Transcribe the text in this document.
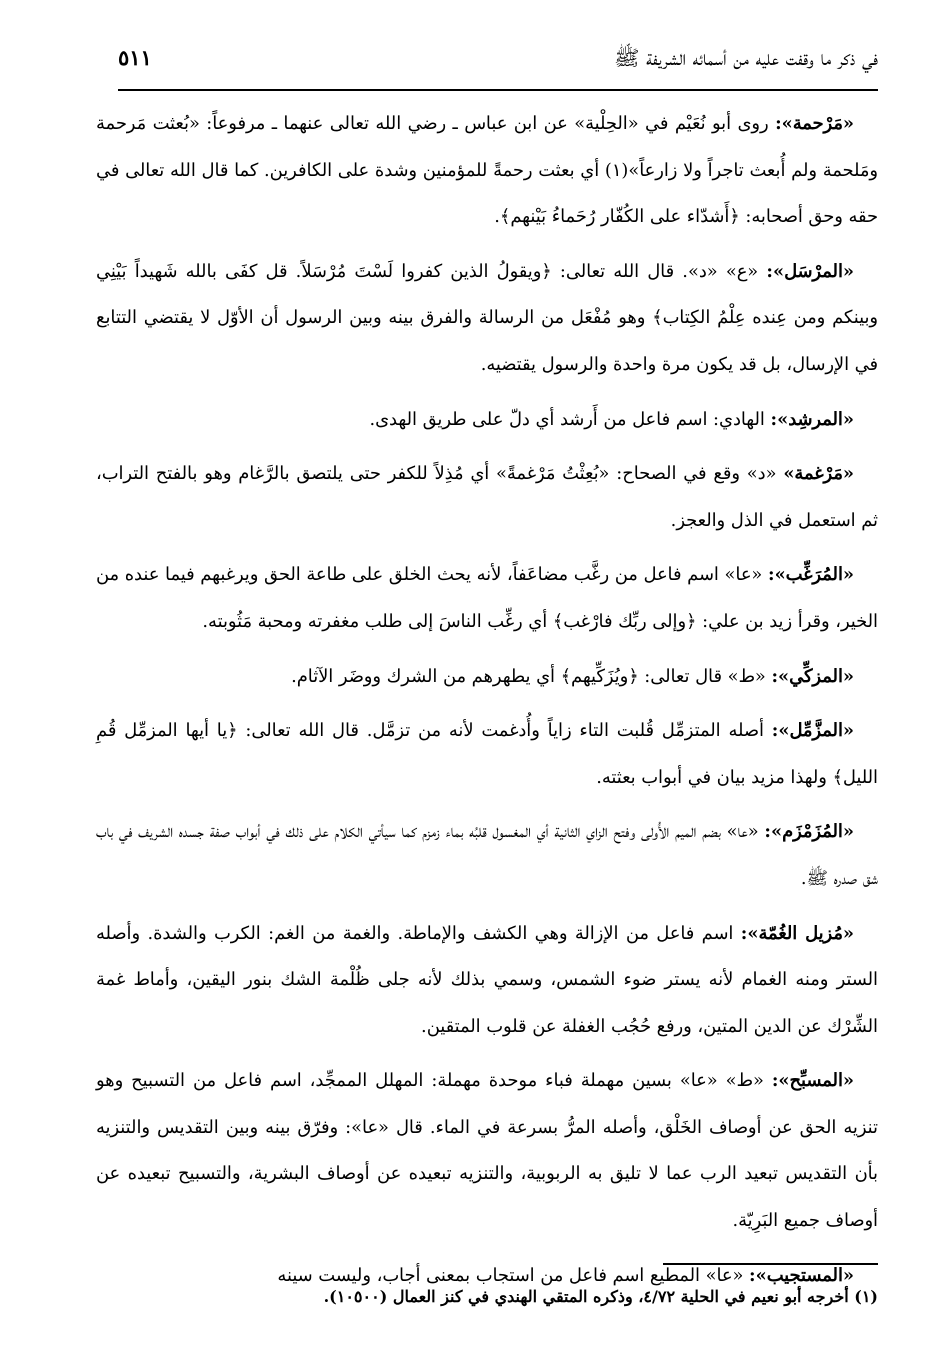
في ذكر ما وقفت عليه من أسمائه الشريفة ﷺ
٥١١

«مَرْحمة»: روى أبو نُعَيْم في «الحِلْية» عن ابن عباس ـ رضي الله تعالى عنهما ـ مرفوعاً: «بُعثت مَرحمة ومَلحمة ولم أُبعث تاجراً ولا زارعاً»(١) أي بعثت رحمةً للمؤمنين وشدة على الكافرين. كما قال الله تعالى في حقه وحق أصحابه: ﴿أَشدّاء على الكُفّار رُحَماءُ بَيْنهم﴾.

«المرْسَل»: «ع» «د». قال الله تعالى: ﴿ويقولُ الذين كفروا لَسْتَ مُرْسَلاً. قل كفَى بالله شَهيداً بَيْنِي وبينكم ومن عِنده عِلْمُ الكِتاب﴾ وهو مُفْعَل من الرسالة والفرق بينه وبين الرسول أن الأوّل لا يقتضي التتابع في الإرسال، بل قد يكون مرة واحدة والرسول يقتضيه.

«المرشِد»: الهادي: اسم فاعل من أَرشد أي دلّ على طريق الهدى.

«مَرْغمة» «د» وقع في الصحاح: «بُعِثْتُ مَرْغمةً» أي مُذِلاً للكفر حتى يلتصق بالرَّغام وهو بالفتح التراب، ثم استعمل في الذل والعجز.

«المُرَغِّب»: «عا» اسم فاعل من رغَّب مضاعَفاً، لأنه يحث الخلق على طاعة الحق ويرغبهم فيما عنده من الخير، وقرأ زيد بن علي: ﴿وإلى ربِّك فارْغب﴾ أي رغِّب الناسَ إلى طلب مغفرته ومحبة مَثُوبته.

«المزكِّي»: «ط» قال تعالى: ﴿ويُزَكِّيهم﴾ أي يطهرهم من الشرك ووضَر الآثام.

«المزَّمِّل»: أصله المتزمِّل قُلبت التاء زاياً وأُدغمت لأنه من تزمَّل. قال الله تعالى: ﴿يا أيها المزمِّل قُمِ الليل﴾ ولهذا مزيد بيان في أبواب بعثته.

«المُزَمْزَم»: «عا» بضم الميم الأُولى وفتح الزاي الثانية أي المغسول قلبُه بماء زمزم كما سيأتي الكلام على ذلك في أبواب صفة جسده الشريف في باب شق صدره ﷺ.

«مُزيل الغُمّة»: اسم فاعل من الإزالة وهي الكشف والإماطة. والغمة من الغم: الكرب والشدة. وأصله الستر ومنه الغمام لأنه يستر ضوء الشمس، وسمي بذلك لأنه جلى ظُلْمة الشك بنور اليقين، وأماط غمة الشِّرْك عن الدين المتين، ورفع حُجُب الغفلة عن قلوب المتقين.

«المسبِّح»: «ط» «عا» بسين مهملة فباء موحدة مهملة: المهلل الممجِّد، اسم فاعل من التسبيح وهو تنزيه الحق عن أوصاف الخَلْق، وأصله المرُّ بسرعة في الماء. قال «عا»: وفرّق بينه وبين التقديس والتنزيه بأن التقديس تبعيد الرب عما لا تليق به الربوبية، والتنزيه تبعيده عن أوصاف البشرية، والتسبيح تبعيده عن أوصاف جميع البَرِيّة.

«المستجيب»: «عا» المطيع اسم فاعل من استجاب بمعنى أجاب، وليست سينه

(١) أخرجه أبو نعيم في الحلية ٤/٧٢، وذكره المتقي الهندي في كنز العمال (١٠٥٠٠).
